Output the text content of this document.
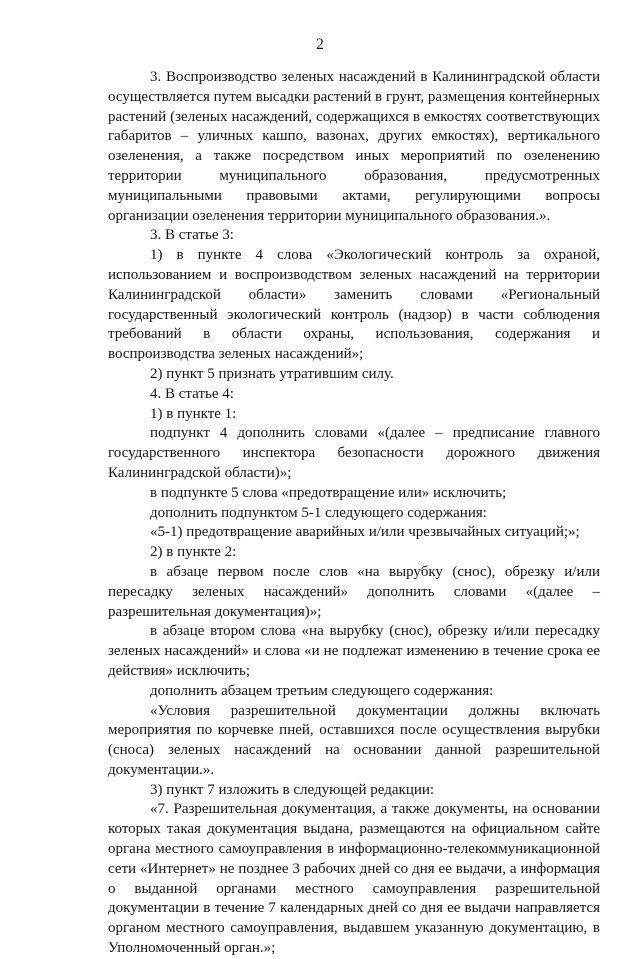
2

3. Воспроизводство зеленых насаждений в Калининградской области осуществляется путем высадки растений в грунт, размещения контейнерных растений (зеленых насаждений, содержащихся в емкостях соответствующих габаритов – уличных кашпо, вазонах, других емкостях), вертикального озеленения, а также посредством иных мероприятий по озеленению территории муниципального образования, предусмотренных муниципальными правовыми актами, регулирующими вопросы организации озеленения территории муниципального образования.».

3. В статье 3:

1) в пункте 4 слова «Экологический контроль за охраной, использованием и воспроизводством зеленых насаждений на территории Калининградской области» заменить словами «Региональный государственный экологический контроль (надзор) в части соблюдения требований в области охраны, использования, содержания и воспроизводства зеленых насаждений»;

2) пункт 5 признать утратившим силу.

4. В статье 4:

1) в пункте 1:

подпункт 4 дополнить словами «(далее – предписание главного государственного инспектора безопасности дорожного движения

Калининградской области)»;

в подпункте 5 слова «предотвращение или» исключить;

дополнить подпунктом 5-1 следующего содержания:

«5-1) предотвращение аварийных и/или чрезвычайных ситуаций;»;

2) в пункте 2:

в абзаце первом после слов «на вырубку (снос), обрезку и/или пересадку зеленых насаждений» дополнить словами «(далее – разрешительная документация)»;

в абзаце втором слова «на вырубку (снос), обрезку и/или пересадку зеленых насаждений» и слова «и не подлежат изменению в течение срока ее действия» исключить;

дополнить абзацем третьим следующего содержания:

«Условия разрешительной документации должны включать мероприятия по корчевке пней, оставшихся после осуществления вырубки (сноса) зеленых насаждений на основании данной разрешительной документации.».

3) пункт 7 изложить в следующей редакции:

«7. Разрешительная документация, а также документы, на основании которых такая документация выдана, размещаются на официальном сайте органа местного самоуправления в информационно-телекоммуникационной сети «Интернет» не позднее 3 рабочих дней со дня ее выдачи, а информация о выданной органами местного самоуправления разрешительной документации в течение 7 календарных дней со дня ее выдачи направляется органом местного самоуправления, выдавшем указанную документацию, в Уполномоченный орган.»;
